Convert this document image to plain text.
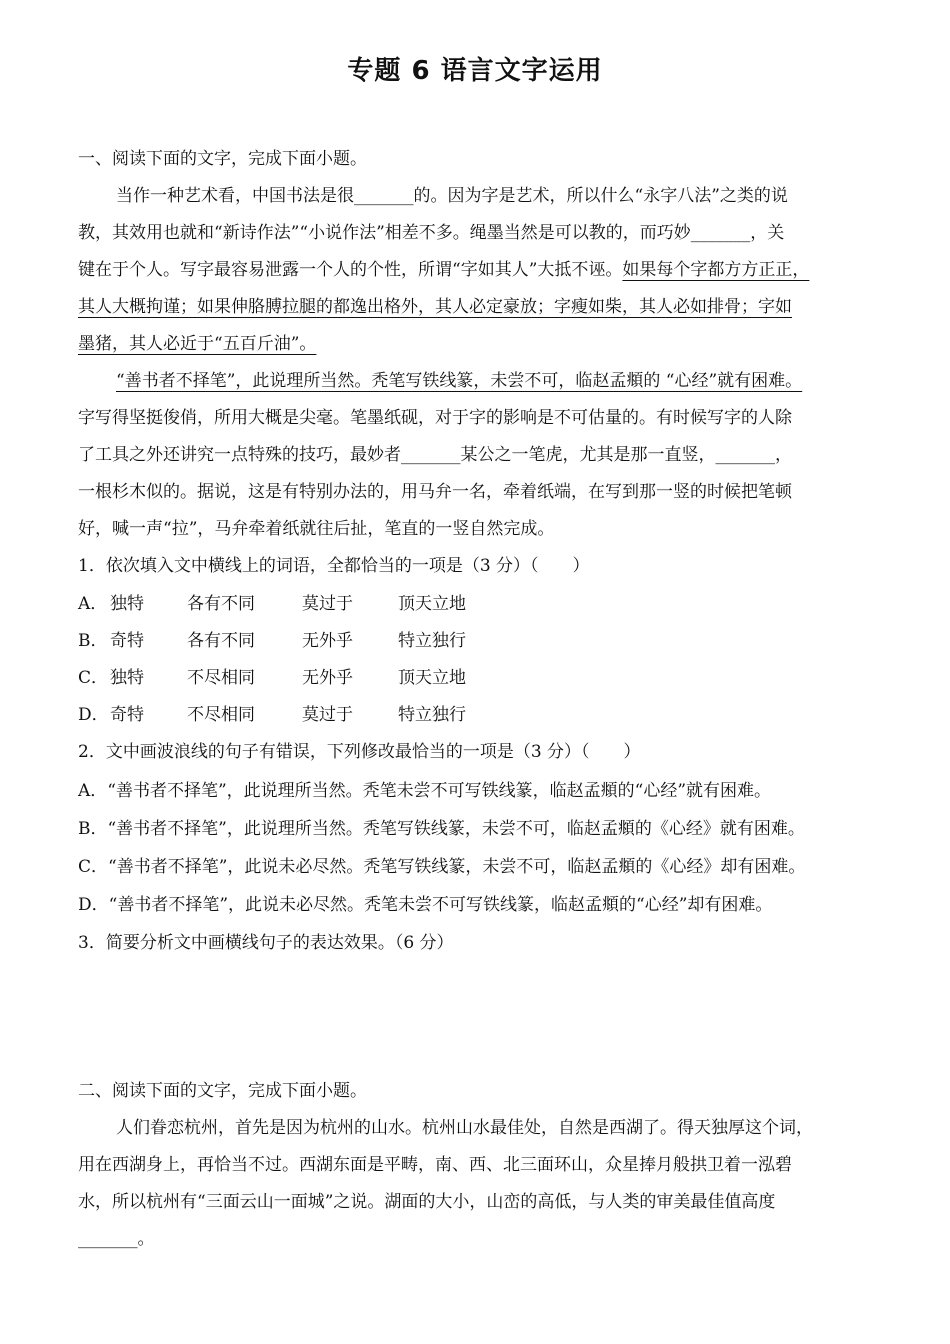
专题 6 语言文字运用
一、阅读下面的文字，完成下面小题。
当作一种艺术看，中国书法是很_______的。因为字是艺术，所以什么“永字八法”之类的说
教，其效用也就和“新诗作法”“小说作法”相差不多。绳墨当然是可以教的，而巧妙_______，关
键在于个人。写字最容易泄露一个人的个性，所谓“字如其人”大抵不诬。如果每个字都方方正正，
其人大概拘谨；如果伸胳膊拉腿的都逸出格外，其人必定豪放；字瘦如柴，其人必如排骨；字如
墨猪，其人必近于“五百斤油”。
“善书者不择笔”，此说理所当然。秃笔写铁线篆，未尝不可，临赵孟頫的 “心经”就有困难。
字写得坚挺俊俏，所用大概是尖毫。笔墨纸砚，对于字的影响是不可估量的。有时候写字的人除
了工具之外还讲究一点特殊的技巧，最妙者_______某公之一笔虎，尤其是那一直竖，_______，
一根杉木似的。据说，这是有特别办法的，用马弁一名，牵着纸端，在写到那一竖的时候把笔顿
好，喊一声“拉”，马弁牵着纸就往后扯，笔直的一竖自然完成。
1．依次填入文中横线上的词语，全都恰当的一项是（3 分）（　　）
A． 独特	各有不同	莫过于	顶天立地
B． 奇特	各有不同	无外乎	特立独行
C． 独特	不尽相同	无外乎	顶天立地
D． 奇特	不尽相同	莫过于	特立独行
2．文中画波浪线的句子有错误，下列修改最恰当的一项是（3 分）（　　）
A．“善书者不择笔”，此说理所当然。秃笔未尝不可写铁线篆，临赵孟頫的“心经”就有困难。
B．“善书者不择笔”，此说理所当然。秃笔写铁线篆，未尝不可，临赵孟頫的《心经》就有困难。
C．“善书者不择笔”，此说未必尽然。秃笔写铁线篆，未尝不可，临赵孟頫的《心经》却有困难。
D．“善书者不择笔”，此说未必尽然。秃笔未尝不可写铁线篆，临赵孟頫的“心经”却有困难。
3．简要分析文中画横线句子的表达效果。（6 分）
二、阅读下面的文字，完成下面小题。
人们眷恋杭州，首先是因为杭州的山水。杭州山水最佳处，自然是西湖了。得天独厚这个词，
用在西湖身上，再恰当不过。西湖东面是平畴，南、西、北三面环山，众星捧月般拱卫着一泓碧
水，所以杭州有“三面云山一面城”之说。湖面的大小，山峦的高低，与人类的审美最佳值高度
_______。
